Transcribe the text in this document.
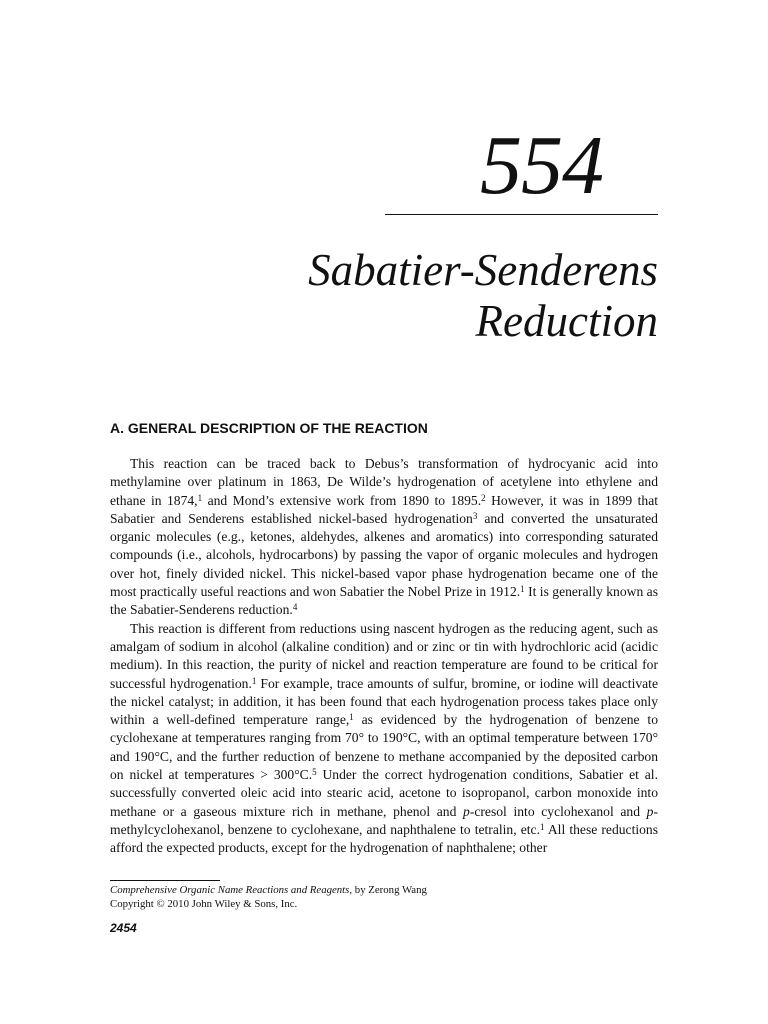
554
Sabatier-Senderens
Reduction
A. GENERAL DESCRIPTION OF THE REACTION

This reaction can be traced back to Debus’s transformation of hydrocyanic acid into methylamine over platinum in 1863, De Wilde’s hydrogenation of acetylene into ethylene and ethane in 1874,$^1$ and Mond’s extensive work from 1890 to 1895.$^2$ However, it was in 1899 that Sabatier and Senderens established nickel-based hydrogenation$^3$ and converted the unsaturated organic molecules (e.g., ketones, aldehydes, alkenes and aromatics) into corresponding saturated compounds (i.e., alcohols, hydrocarbons) by passing the vapor of organic molecules and hydrogen over hot, finely divided nickel. This nickel-based vapor phase hydrogenation became one of the most practically useful reactions and won Sabatier the Nobel Prize in 1912.$^1$ It is generally known as the Sabatier-Senderens reduction.$^4$

This reaction is different from reductions using nascent hydrogen as the reducing agent, such as amalgam of sodium in alcohol (alkaline condition) and or zinc or tin with hydrochloric acid (acidic medium). In this reaction, the purity of nickel and reaction temperature are found to be critical for successful hydrogenation.$^1$ For example, trace amounts of sulfur, bromine, or iodine will deactivate the nickel catalyst; in addition, it has been found that each hydrogenation process takes place only within a well-defined temperature range,$^1$ as evidenced by the hydrogenation of benzene to cyclohexane at temperatures ranging from 70° to 190°C, with an optimal temperature between 170° and 190°C, and the further reduction of benzene to methane accompanied by the deposited carbon on nickel at temperatures > 300°C.$^5$ Under the correct hydrogenation conditions, Sabatier et al. successfully converted oleic acid into stearic acid, acetone to isopropanol, carbon monoxide into methane or a gaseous mixture rich in methane, phenol and p-cresol into cyclohexanol and p-methylcyclohexanol, benzene to cyclohexane, and naphthalene to tetralin, etc.$^1$ All these reductions afford the expected products, except for the hydrogenation of naphthalene; other

Comprehensive Organic Name Reactions and Reagents, by Zerong Wang
Copyright © 2010 John Wiley & Sons, Inc.
2454
